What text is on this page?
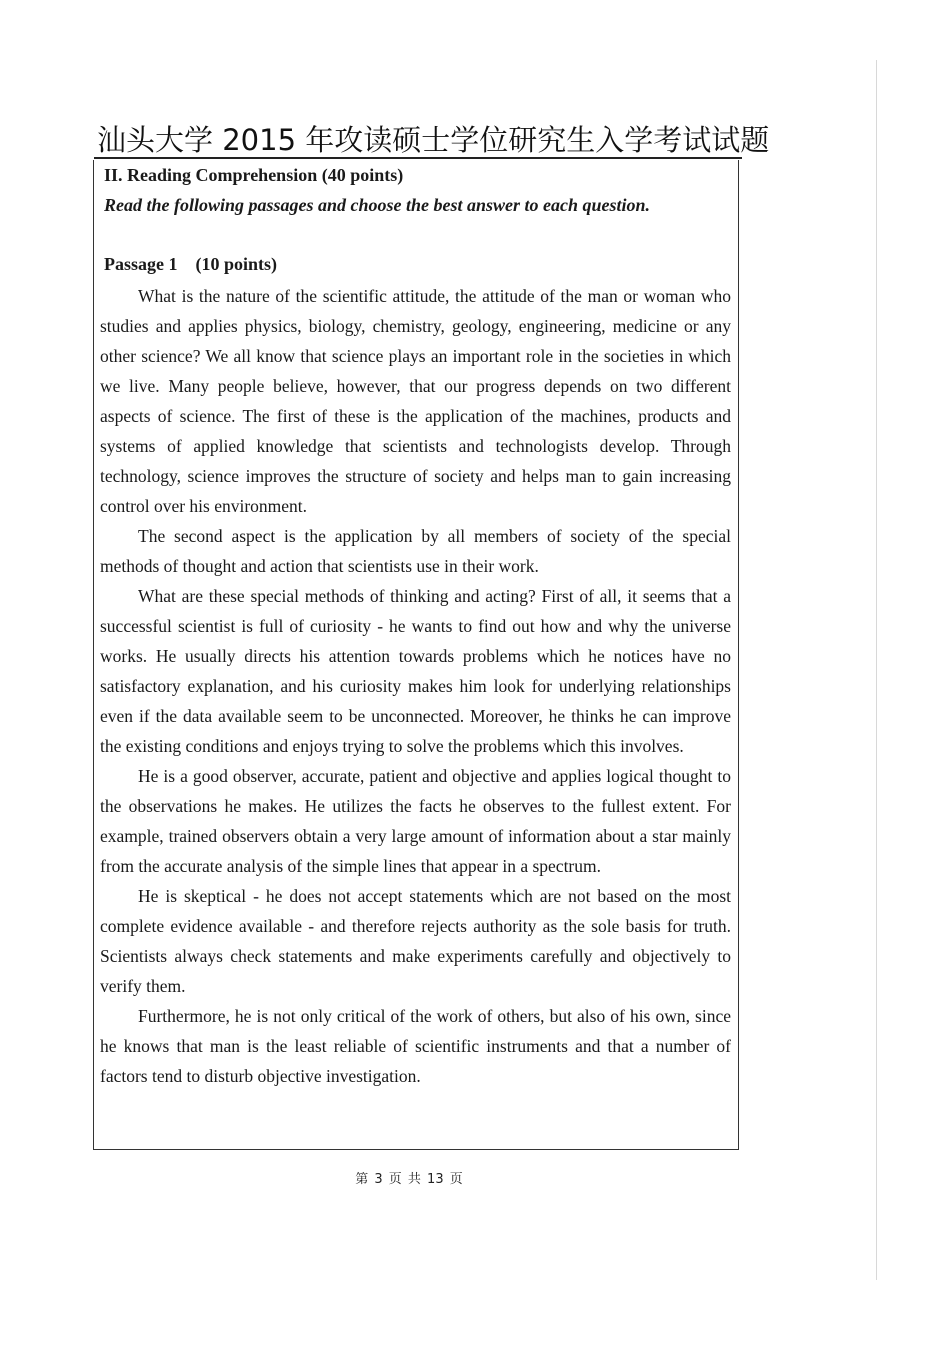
汕头大学 2015 年攻读硕士学位研究生入学考试试题
II. Reading Comprehension (40 points)
Read the following passages and choose the best answer to each question.
Passage 1    (10 points)

What is the nature of the scientific attitude, the attitude of the man or woman who studies and applies physics, biology, chemistry, geology, engineering, medicine or any other science? We all know that science plays an important role in the societies in which we live. Many people believe, however, that our progress depends on two different aspects of science. The first of these is the application of the machines, products and systems of applied knowledge that scientists and technologists develop. Through technology, science improves the structure of society and helps man to gain increasing control over his environment.

The second aspect is the application by all members of society of the special methods of thought and action that scientists use in their work.

What are these special methods of thinking and acting? First of all, it seems that a successful scientist is full of curiosity - he wants to find out how and why the universe works. He usually directs his attention towards problems which he notices have no satisfactory explanation, and his curiosity makes him look for underlying relationships even if the data available seem to be unconnected. Moreover, he thinks he can improve the existing conditions and enjoys trying to solve the problems which this involves.

He is a good observer, accurate, patient and objective and applies logical thought to the observations he makes. He utilizes the facts he observes to the fullest extent. For example, trained observers obtain a very large amount of information about a star mainly from the accurate analysis of the simple lines that appear in a spectrum.

He is skeptical - he does not accept statements which are not based on the most complete evidence available - and therefore rejects authority as the sole basis for truth. Scientists always check statements and make experiments carefully and objectively to verify them.

Furthermore, he is not only critical of the work of others, but also of his own, since he knows that man is the least reliable of scientific instruments and that a number of factors tend to disturb objective investigation.

第 3 页 共 13 页
